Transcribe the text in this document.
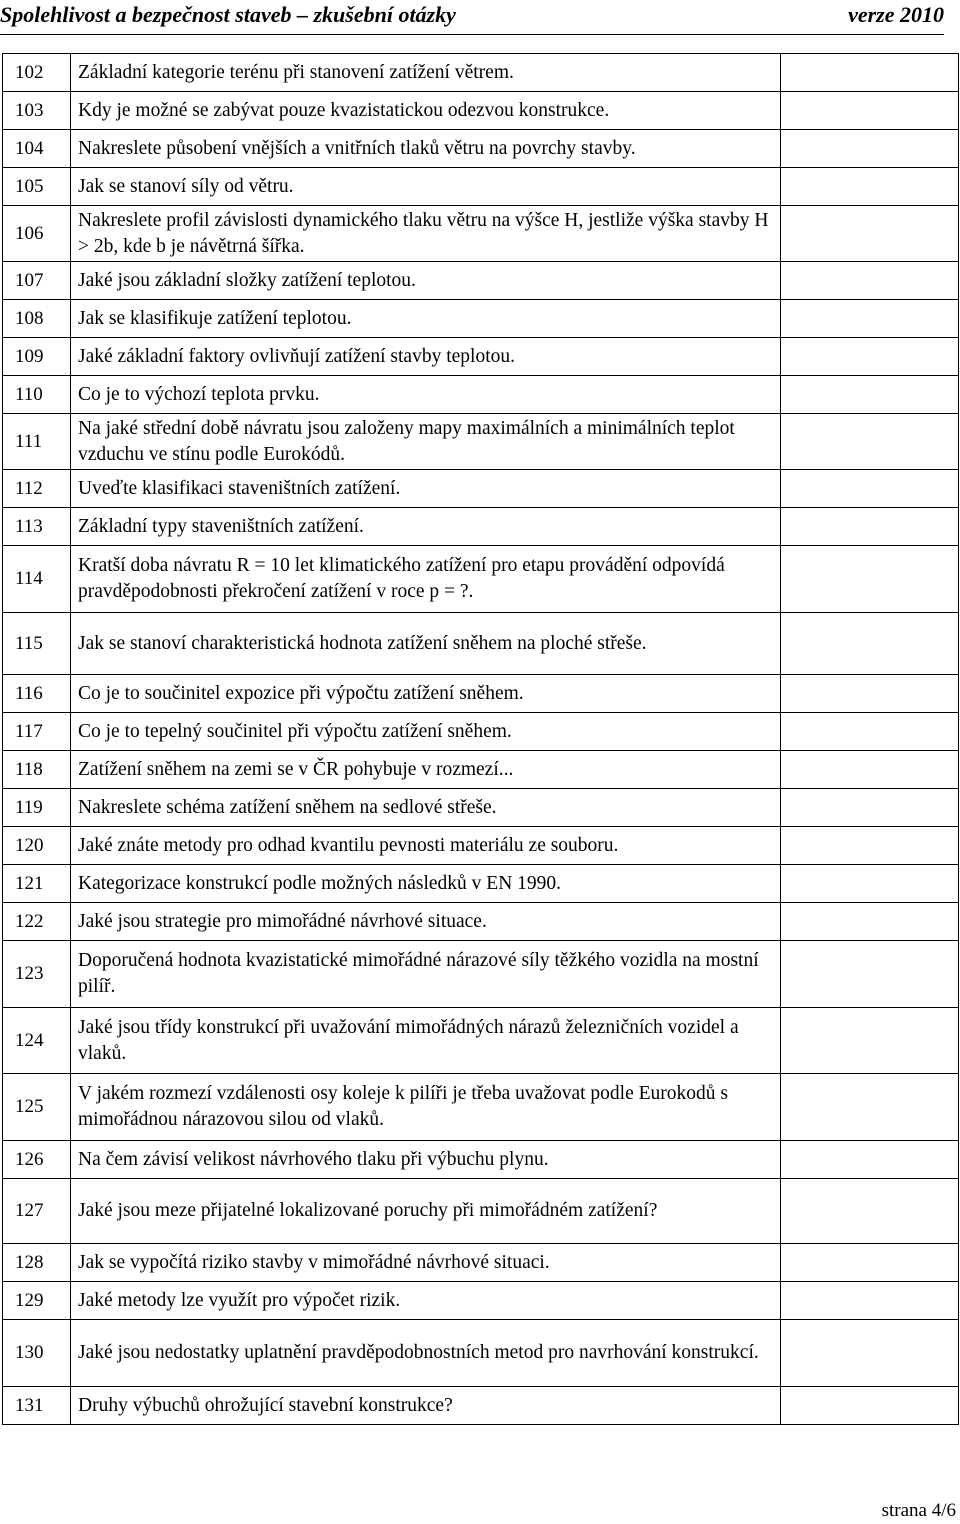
Spolehlivost a bezpečnost staveb – zkušební otázky	verze 2010
102	Základní kategorie terénu při stanovení zatížení větrem.	

103	Kdy je možné se zabývat pouze kvazistatickou odezvou konstrukce.	

104	Nakreslete působení vnějších a vnitřních tlaků větru na povrchy stavby.	

105	Jak se stanoví síly od větru.	

106	Nakreslete profil závislosti dynamického tlaku větru na výšce H, jestliže výška stavby H > 2b, kde b je návětrná šířka.	

107	Jaké jsou základní složky zatížení teplotou.	

108	Jak se klasifikuje zatížení teplotou.	

109	Jaké základní faktory ovlivňují zatížení stavby teplotou.	

110	Co je to výchozí teplota prvku.	

111	Na jaké střední době návratu jsou založeny mapy maximálních a minimálních teplot vzduchu ve stínu podle Eurokódů.	

112	Uveďte klasifikaci staveništních zatížení.	

113	Základní typy staveništních zatížení.	

114	Kratší doba návratu R = 10 let klimatického zatížení pro etapu provádění odpovídá pravděpodobnosti překročení zatížení v roce p = ?.	

115	Jak se stanoví charakteristická hodnota zatížení sněhem na ploché střeše.	

116	Co je to součinitel expozice při výpočtu zatížení sněhem.	

117	Co je to tepelný součinitel při výpočtu zatížení sněhem.	

118	Zatížení sněhem na zemi se v ČR pohybuje v rozmezí...	

119	Nakreslete schéma zatížení sněhem na sedlové střeše.	

120	Jaké znáte metody pro odhad kvantilu pevnosti materiálu ze souboru.	

121	Kategorizace konstrukcí podle možných následků v EN 1990.	

122	Jaké jsou strategie pro mimořádné návrhové situace.	

123	Doporučená hodnota kvazistatické mimořádné nárazové síly těžkého vozidla na mostní pilíř.	

124	Jaké jsou třídy konstrukcí při uvažování mimořádných nárazů železničních vozidel a vlaků.	

125	V jakém rozmezí vzdálenosti osy koleje k pilíři je třeba uvažovat podle Eurokodů s mimořádnou nárazovou silou od vlaků.	

126	Na čem závisí velikost návrhového tlaku při výbuchu plynu.	

127	Jaké jsou meze přijatelné lokalizované poruchy při mimořádném zatížení?	

128	Jak se vypočítá riziko stavby v mimořádné návrhové situaci.	

129	Jaké metody lze využít pro výpočet rizik.	

130	Jaké jsou nedostatky uplatnění pravděpodobnostních metod pro navrhování konstrukcí.	

131	Druhy výbuchů ohrožující stavební konstrukce?	

strana 4/6
